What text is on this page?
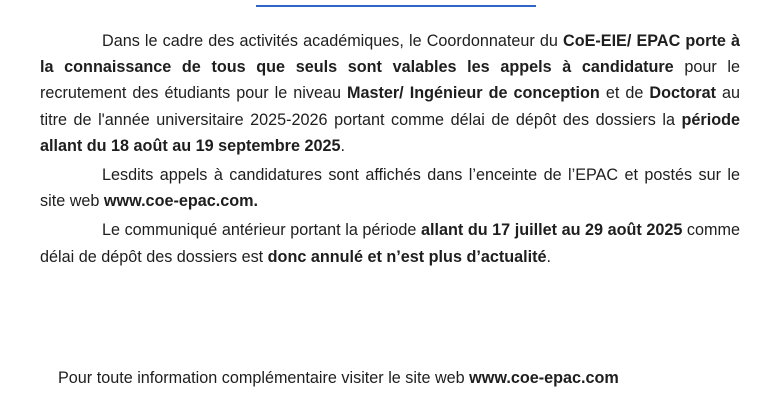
Dans le cadre des activités académiques, le Coordonnateur du CoE-EIE/ EPAC porte à la connaissance de tous que seuls sont valables les appels à candidature pour le recrutement des étudiants pour le niveau Master/ Ingénieur de conception et de Doctorat au titre de l'année universitaire 2025-2026 portant comme délai de dépôt des dossiers la période allant du 18 août au 19 septembre 2025.

Lesdits appels à candidatures sont affichés dans l’enceinte de l’EPAC et postés sur le site web www.coe-epac.com.

Le communiqué antérieur portant la période allant du 17 juillet au 29 août 2025 comme délai de dépôt des dossiers est donc annulé et n’est plus d’actualité.

Pour toute information complémentaire visiter le site web www.coe-epac.com
